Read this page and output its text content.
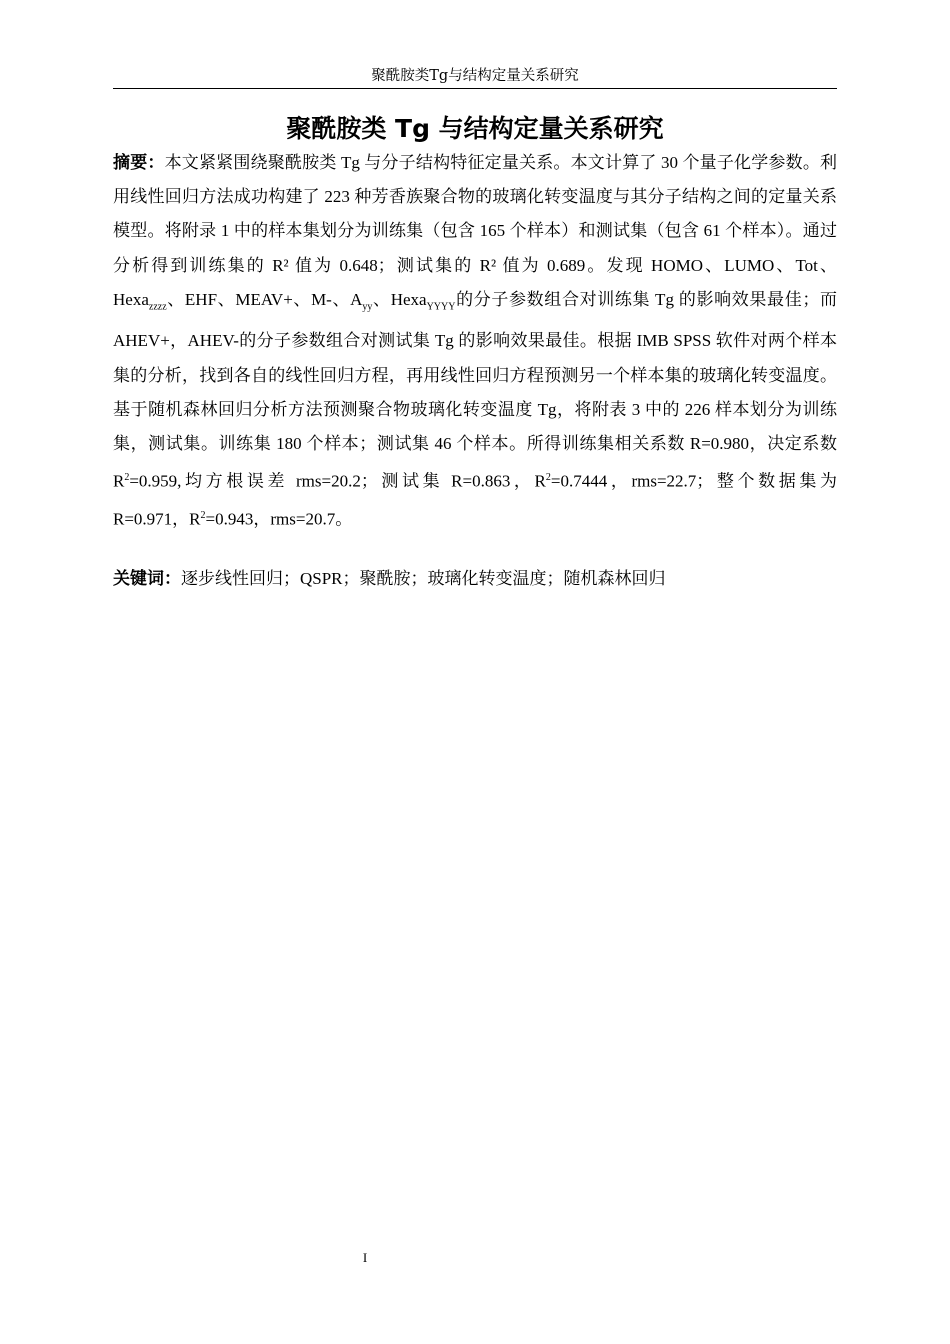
聚酰胺类Tg与结构定量关系研究
聚酰胺类 Tg 与结构定量关系研究
摘要：本文紧紧围绕聚酰胺类 Tg 与分子结构特征定量关系。本文计算了 30 个量子化学参数。利用线性回归方法成功构建了 223 种芳香族聚合物的玻璃化转变温度与其分子结构之间的定量关系模型。将附录 1 中的样本集划分为训练集（包含 165 个样本）和测试集（包含 61 个样本）。通过分析得到训练集的 R² 值为 0.648；测试集的 R² 值为 0.689。发现 HOMO、LUMO、Tot、Hexa$_{zzzz}$、EHF、MEAV+、M-、$A_{yy}$、Hexa$_{YYYY}$的分子参数组合对训练集 Tg 的影响效果最佳；而 AHEV+，AHEV-的分子参数组合对测试集 Tg 的影响效果最佳。根据 IMB SPSS 软件对两个样本集的分析，找到各自的线性回归方程，再用线性回归方程预测另一个样本集的玻璃化转变温度。基于随机森林回归分析方法预测聚合物玻璃化转变温度 Tg，将附表 3 中的 226 样本划分为训练集，测试集。训练集 180 个样本；测试集 46 个样本。所得训练集相关系数 R=0.980，决定系数 $R^2=0.959$,均方根误差 rms=20.2；测试集 R=0.863，$R^2=0.7444$，rms=22.7；整个数据集为 R=0.971，$R^2=0.943$，rms=20.7。
关键词：逐步线性回归；QSPR；聚酰胺；玻璃化转变温度；随机森林回归
I
